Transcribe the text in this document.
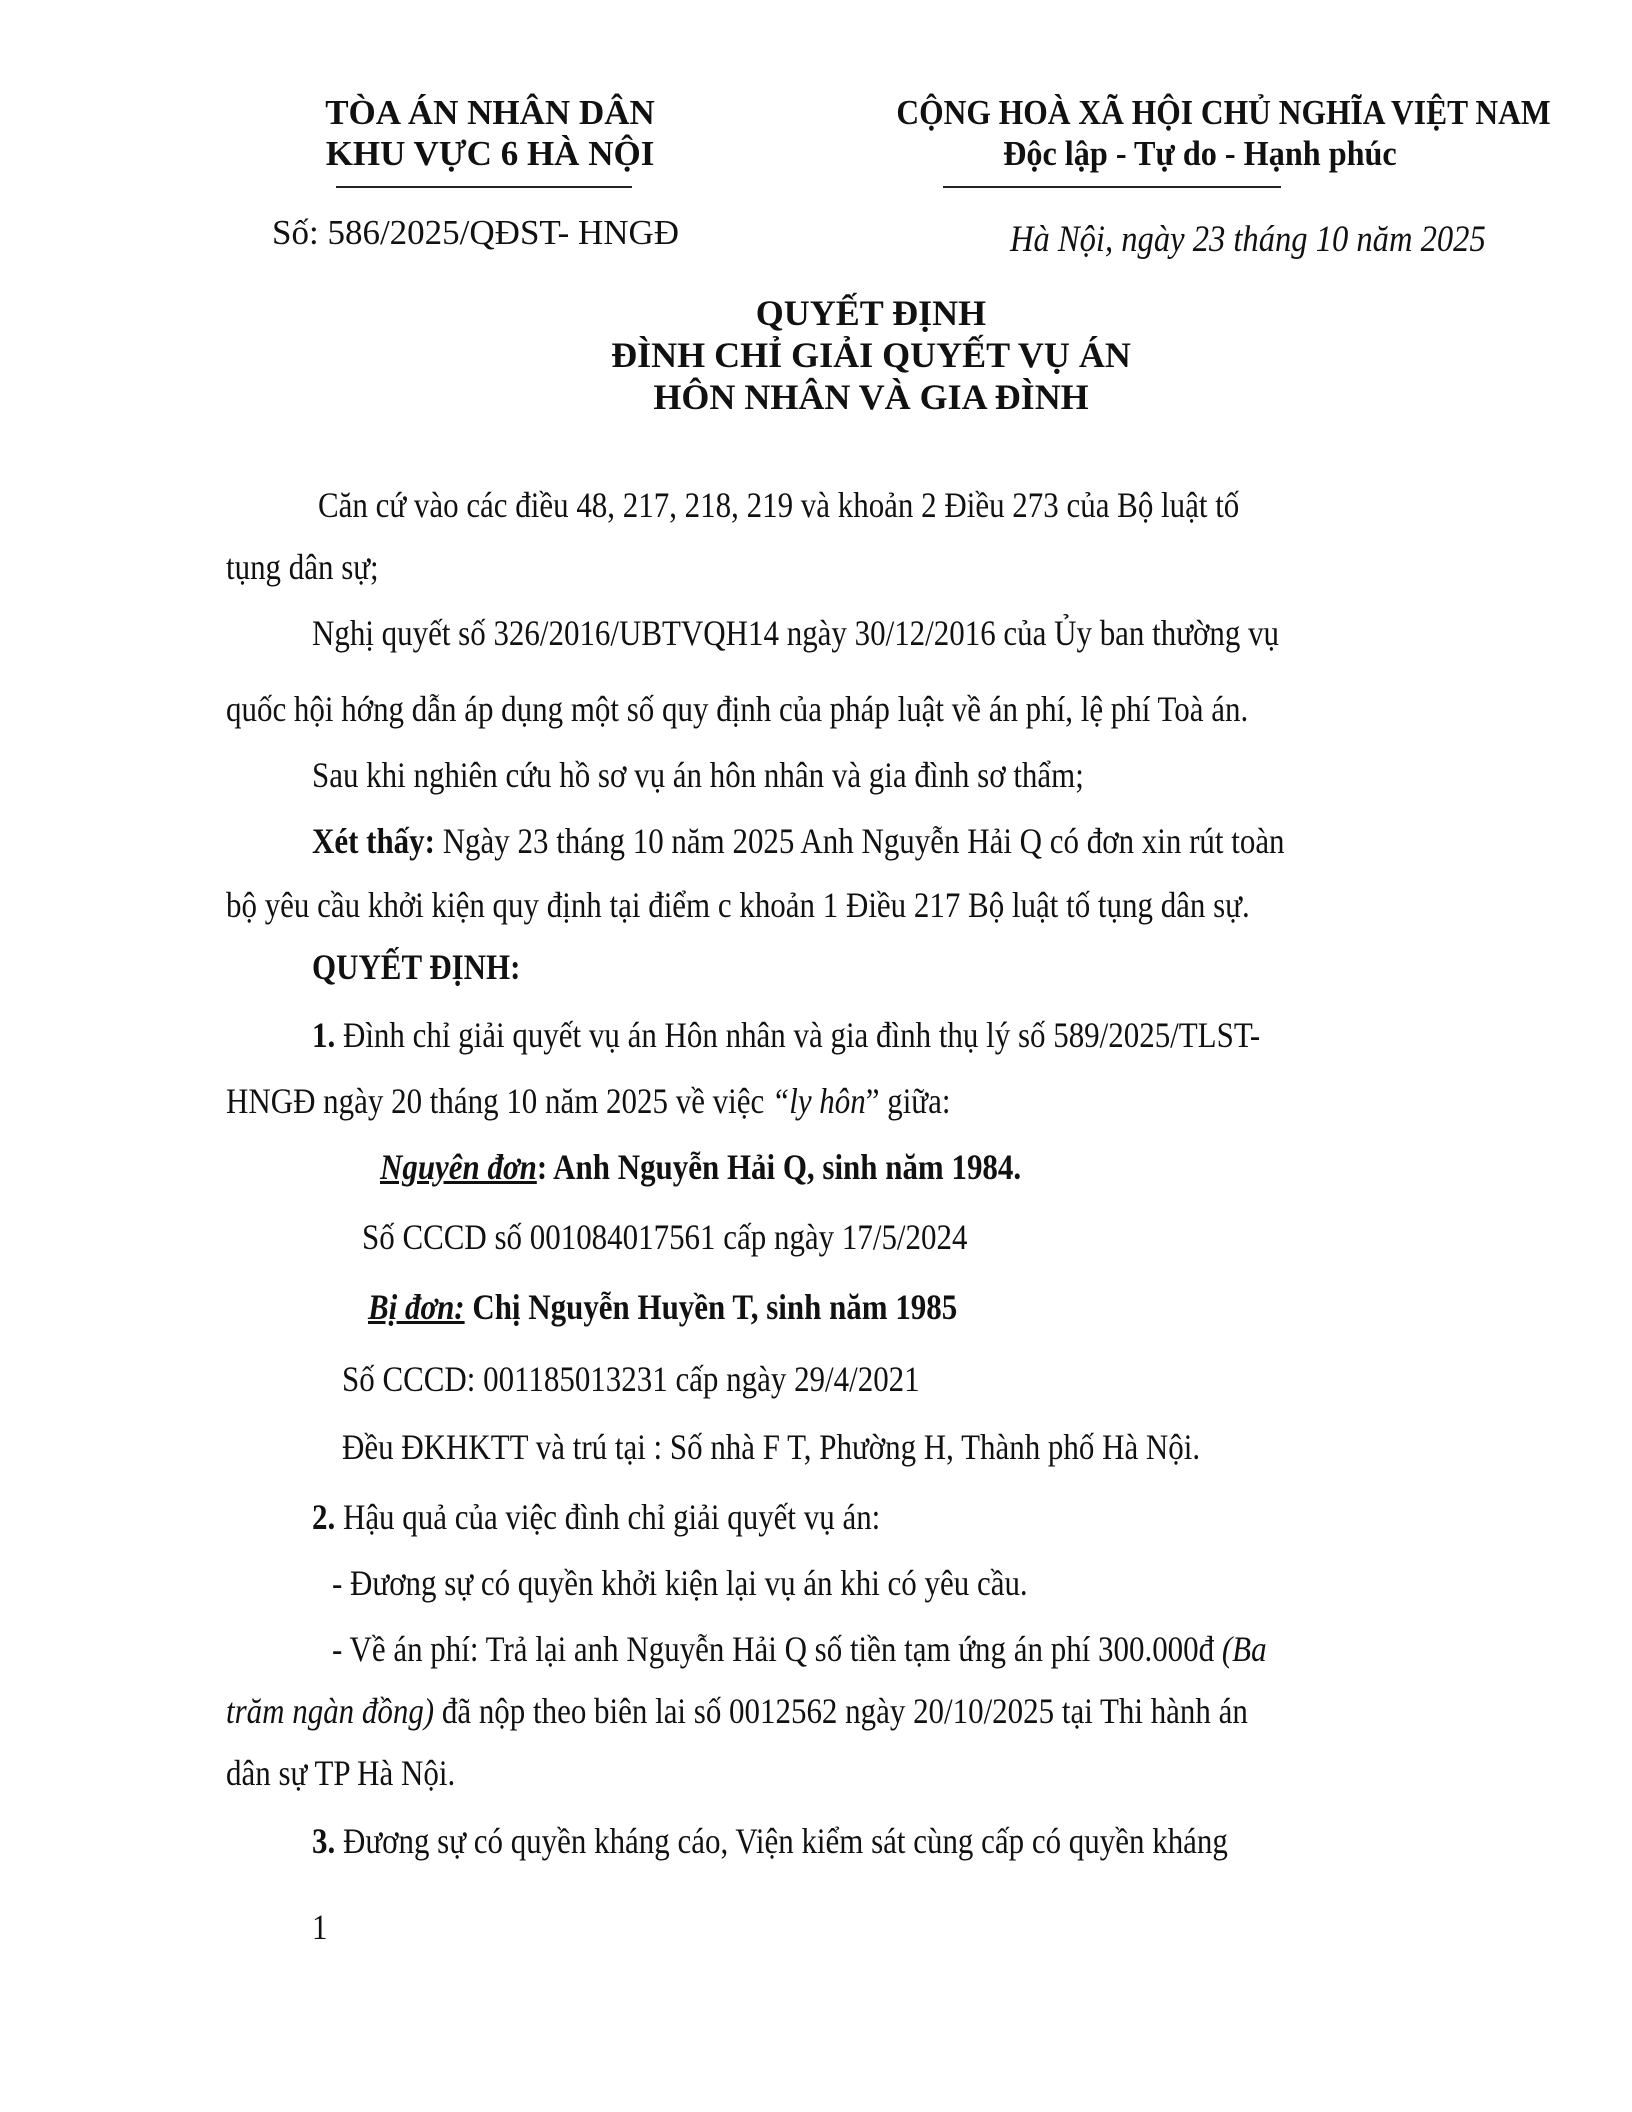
TÒA ÁN NHÂN DÂN
KHU VỰC 6 HÀ NỘI
Số: 586/2025/QĐST- HNGĐ
CỘNG HOÀ XÃ HỘI CHỦ NGHĨA VIỆT NAM
Độc lập - Tự do - Hạnh phúc
Hà Nội, ngày 23 tháng 10 năm 2025
QUYẾT ĐỊNH
ĐÌNH CHỈ GIẢI QUYẾT VỤ ÁN
HÔN NHÂN VÀ GIA ĐÌNH
Căn cứ vào các điều 48, 217, 218, 219 và khoản 2 Điều 273 của Bộ luật tố
tụng dân sự;
Nghị quyết số 326/2016/UBTVQH14 ngày 30/12/2016 của Ủy ban thường vụ
quốc hội hớng dẫn áp dụng một số quy định của pháp luật về án phí, lệ phí Toà án.
Sau khi nghiên cứu hồ sơ vụ án hôn nhân và gia đình sơ thẩm;
Xét thấy: Ngày 23 tháng 10 năm 2025 Anh Nguyễn Hải Q có đơn xin rút toàn
bộ yêu cầu khởi kiện quy định tại điểm c khoản 1 Điều 217 Bộ luật tố tụng dân sự.
QUYẾT ĐỊNH:
1. Đình chỉ giải quyết vụ án Hôn nhân và gia đình thụ lý số 589/2025/TLST-
HNGĐ ngày 20 tháng 10 năm 2025 về việc “ly hôn” giữa:
Nguyên đơn: Anh Nguyễn Hải Q, sinh năm 1984.
Số CCCD số 001084017561 cấp ngày 17/5/2024
Bị đơn: Chị Nguyễn Huyền T, sinh năm 1985
Số CCCD: 001185013231 cấp ngày 29/4/2021
Đều ĐKHKTT và trú tại : Số nhà F T, Phường H, Thành phố Hà Nội.
2. Hậu quả của việc đình chỉ giải quyết vụ án:
- Đương sự có quyền khởi kiện lại vụ án khi có yêu cầu.
- Về án phí: Trả lại anh Nguyễn Hải Q số tiền tạm ứng án phí 300.000đ (Ba
trăm ngàn đồng) đã nộp theo biên lai số 0012562 ngày 20/10/2025 tại Thi hành án
dân sự TP Hà Nội.
3. Đương sự có quyền kháng cáo, Viện kiểm sát cùng cấp có quyền kháng
1
